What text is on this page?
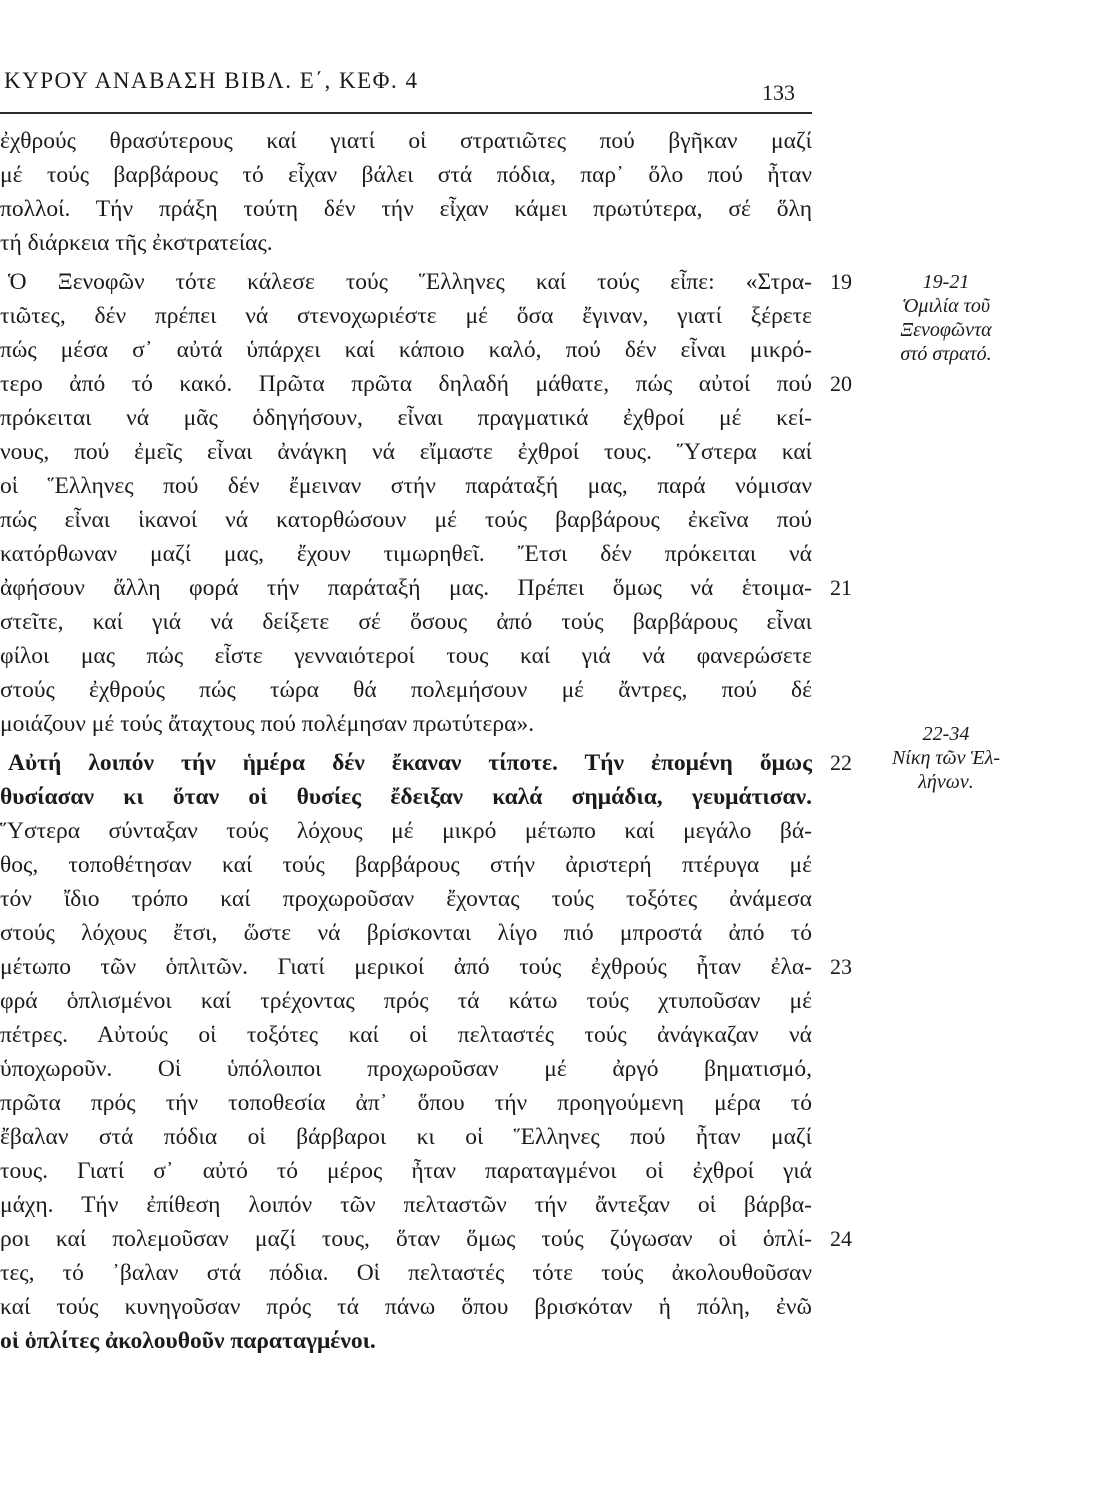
ΚΥΡΟΥ ΑΝΑΒΑΣΗ ΒΙΒΛ. Ε΄, ΚΕΦ. 4	133
ἐχθρούς θρασύτερους καί γιατί οἱ στρατιῶτες πού βγῆκαν μαζί
μέ τούς βαρβάρους τό εἶχαν βάλει στά πόδια, παρ᾽ ὅλο πού ἦταν
πολλοί. Τήν πράξη τούτη δέν τήν εἶχαν κάμει πρωτύτερα, σέ ὅλη
τή διάρκεια τῆς ἐκστρατείας.
Ὁ Ξενοφῶν τότε κάλεσε τούς Ἕλληνες καί τούς εἶπε: «Στρα-
τιῶτες, δέν πρέπει νά στενοχωριέστε μέ ὅσα ἔγιναν, γιατί ξέρετε
πώς μέσα σ᾽ αὐτά ὑπάρχει καί κάποιο καλό, πού δέν εἶναι μικρό-
τερο ἀπό τό κακό. Πρῶτα πρῶτα δηλαδή μάθατε, πώς αὐτοί πού
πρόκειται νά μᾶς ὁδηγήσουν, εἶναι πραγματικά ἐχθροί μέ κεί-
νους, πού ἐμεῖς εἶναι ἀνάγκη νά εἴμαστε ἐχθροί τους. Ὕστερα καί
οἱ Ἕλληνες πού δέν ἔμειναν στήν παράταξή μας, παρά νόμισαν
πώς εἶναι ἱκανοί νά κατορθώσουν μέ τούς βαρβάρους ἐκεῖνα πού
κατόρθωναν μαζί μας, ἔχουν τιμωρηθεῖ. Ἔτσι δέν πρόκειται νά
ἀφήσουν ἄλλη φορά τήν παράταξή μας. Πρέπει ὅμως νά ἑτοιμα-
στεῖτε, καί γιά νά δείξετε σέ ὅσους ἀπό τούς βαρβάρους εἶναι
φίλοι μας πώς εἶστε γενναιότεροί τους καί γιά νά φανερώσετε
στούς ἐχθρούς πώς τώρα θά πολεμήσουν μέ ἄντρες, πού δέ
μοιάζουν μέ τούς ἄταχτους πού πολέμησαν πρωτύτερα».
Αὐτή λοιπόν τήν ἡμέρα δέν ἔκαναν τίποτε. Τήν ἐπομένη ὅμως
θυσίασαν κι ὅταν οἱ θυσίες ἔδειξαν καλά σημάδια, γευμάτισαν.
Ὕστερα σύνταξαν τούς λόχους μέ μικρό μέτωπο καί μεγάλο βά-
θος, τοποθέτησαν καί τούς βαρβάρους στήν ἀριστερή πτέρυγα μέ
τόν ἴδιο τρόπο καί προχωροῦσαν ἔχοντας τούς τοξότες ἀνάμεσα
στούς λόχους ἔτσι, ὥστε νά βρίσκονται λίγο πιό μπροστά ἀπό τό
μέτωπο τῶν ὁπλιτῶν. Γιατί μερικοί ἀπό τούς ἐχθρούς ἦταν ἐλα-
φρά ὁπλισμένοι καί τρέχοντας πρός τά κάτω τούς χτυποῦσαν μέ
πέτρες. Αὐτούς οἱ τοξότες καί οἱ πελταστές τούς ἀνάγκαζαν νά
ὑποχωροῦν. Οἱ ὑπόλοιποι προχωροῦσαν μέ ἀργό βηματισμό,
πρῶτα πρός τήν τοποθεσία ἀπ᾽ ὅπου τήν προηγούμενη μέρα τό
ἔβαλαν στά πόδια οἱ βάρβαροι κι οἱ Ἕλληνες πού ἦταν μαζί
τους. Γιατί σ᾽ αὐτό τό μέρος ἦταν παραταγμένοι οἱ ἐχθροί γιά
μάχη. Τήν ἐπίθεση λοιπόν τῶν πελταστῶν τήν ἄντεξαν οἱ βάρβα-
ροι καί πολεμοῦσαν μαζί τους, ὅταν ὅμως τούς ζύγωσαν οἱ ὁπλί-
τες, τό ᾽βαλαν στά πόδια. Οἱ πελταστές τότε τούς ἀκολουθοῦσαν
καί τούς κυνηγοῦσαν πρός τά πάνω ὅπου βρισκόταν ἡ πόλη, ἐνῶ
οἱ ὁπλίτες ἀκολουθοῦν παραταγμένοι.
19
20
21
22
23
24
19-21
Ὁμιλία τοῦ
Ξενοφῶντα
στό στρατό.
22-34
Νίκη τῶν Ἑλ-
λήνων.
